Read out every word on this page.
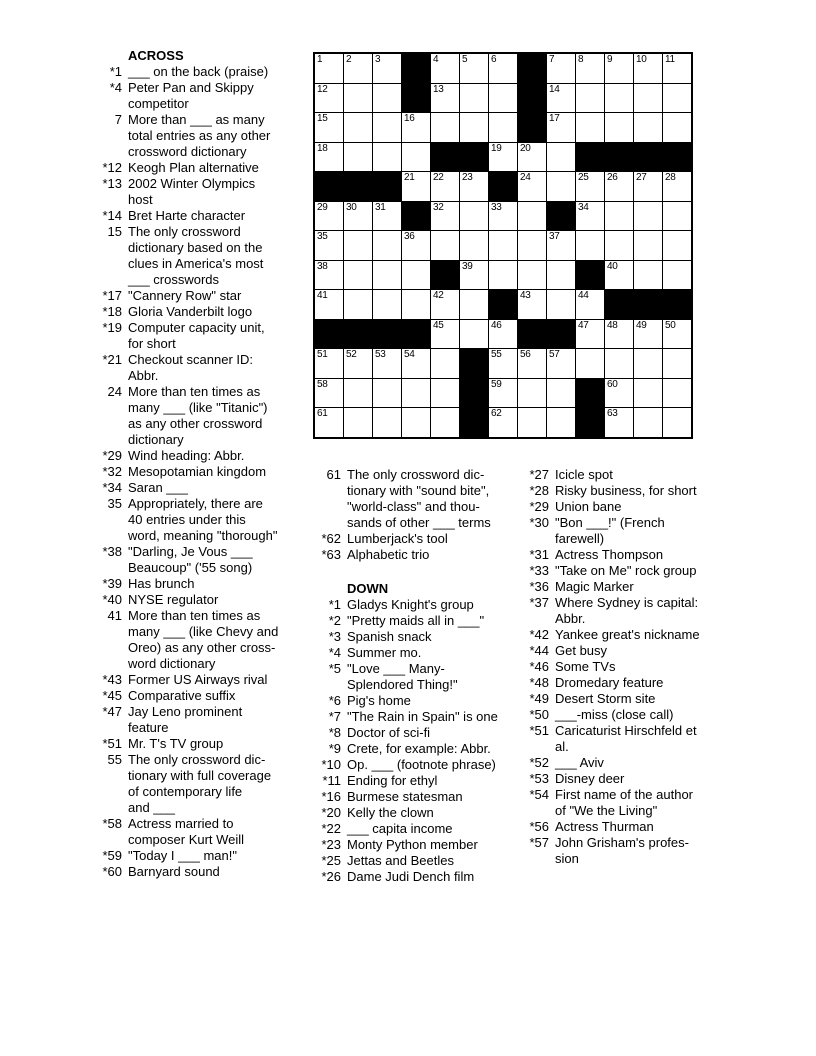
1 2 3	4 5 6	7 8 9 10 11
12	13	14
15	16	17
18	19 20
21 22 23	24	25 26 27 28
29 30 31	32	33	34
35	36	37
38	39	40
41	42	43	44
45	46	47 48 49 50
51 52 53 54	55 56 57
58	59	60
61	62	63
ACROSS
*1 ___ on the back (praise)
*4 Peter Pan and Skippy
competitor
7 More than ___ as many
total entries as any other
crossword dictionary
*12 Keogh Plan alternative
*13 2002 Winter Olympics
host
*14 Bret Harte character
15 The only crossword
dictionary based on the
clues in America's most
___ crosswords
*17 "Cannery Row" star
*18 Gloria Vanderbilt logo
*19 Computer capacity unit,
for short
*21 Checkout scanner ID:
Abbr.
24 More than ten times as
many ___ (like "Titanic")
as any other crossword
dictionary
*29 Wind heading: Abbr.
*32 Mesopotamian kingdom
*34 Saran ___
35 Appropriately, there are
40 entries under this
word, meaning "thorough"
*38 "Darling, Je Vous ___
Beaucoup" ('55 song)
*39 Has brunch
*40 NYSE regulator
41 More than ten times as
many ___ (like Chevy and
Oreo) as any other cross-
word dictionary
*43 Former US Airways rival
*45 Comparative suffix
*47 Jay Leno prominent
feature
*51 Mr. T's TV group
55 The only crossword dic-
tionary with full coverage
of contemporary life
and ___
*58 Actress married to
composer Kurt Weill
*59 "Today I ___ man!"
*60 Barnyard sound
61 The only crossword dic-
tionary with "sound bite",
"world-class" and thou-
sands of other ___ terms
*62 Lumberjack's tool
*63 Alphabetic trio
DOWN
*1 Gladys Knight's group
*2 "Pretty maids all in ___"
*3 Spanish snack
*4 Summer mo.
*5 "Love ___ Many-
Splendored Thing!"
*6 Pig's home
*7 "The Rain in Spain" is one
*8 Doctor of sci-fi
*9 Crete, for example: Abbr.
*10 Op. ___ (footnote phrase)
*11 Ending for ethyl
*16 Burmese statesman
*20 Kelly the clown
*22 ___ capita income
*23 Monty Python member
*25 Jettas and Beetles
*26 Dame Judi Dench film
*27 Icicle spot
*28 Risky business, for short
*29 Union bane
*30 "Bon ___!" (French
farewell)
*31 Actress Thompson
*33 "Take on Me" rock group
*36 Magic Marker
*37 Where Sydney is capital:
Abbr.
*42 Yankee great's nickname
*44 Get busy
*46 Some TVs
*48 Dromedary feature
*49 Desert Storm site
*50 ___-miss (close call)
*51 Caricaturist Hirschfeld et
al.
*52 ___ Aviv
*53 Disney deer
*54 First name of the author
of "We the Living"
*56 Actress Thurman
*57 John Grisham's profes-
sion
